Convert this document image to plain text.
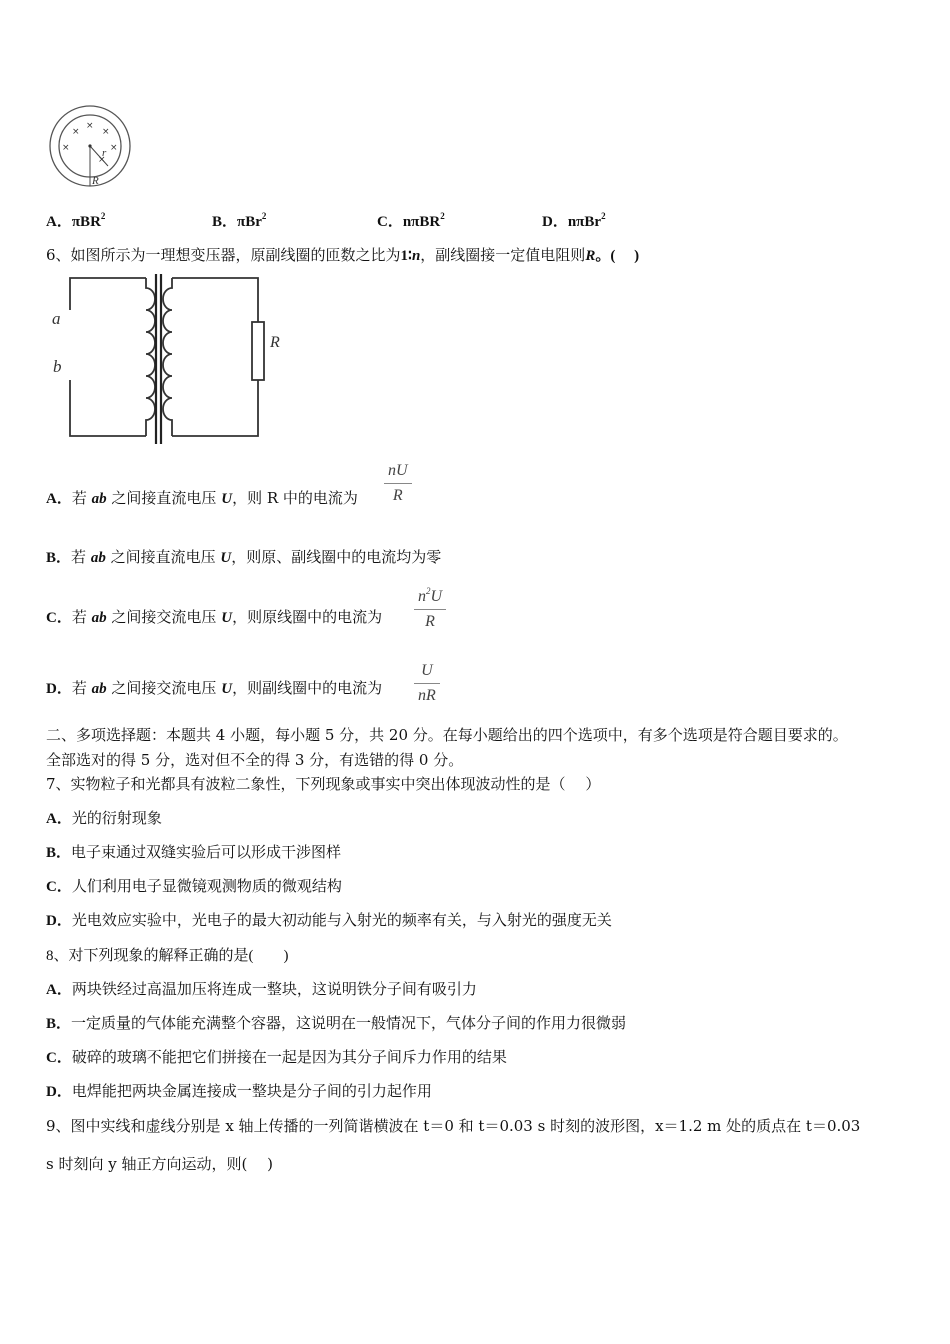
×
× ×
×	×
×
r
R
A．πBR$^2$	B．πBr$^2$	C．nπBR$^2$	D．nπBr$^2$
6、如图所示为一理想变压器，原副线圈的匝数之比为1∶n，副线圈接一定值电阻则R。(　 )
a
b
R
A．若 ab 之间接直流电压 U，则 R 中的电流为
nU
R
B．若 ab 之间接直流电压 U，则原、副线圈中的电流均为零
C．若 ab 之间接交流电压 U，则原线圈中的电流为
$n^2U$
R
D．若 ab 之间接交流电压 U，则副线圈中的电流为
U
nR
二、多项选择题：本题共 4 小题，每小题 5 分，共 20 分。在每小题给出的四个选项中，有多个选项是符合题目要求的。
全部选对的得 5 分，选对但不全的得 3 分，有选错的得 0 分。
7、实物粒子和光都具有波粒二象性，下列现象或事实中突出体现波动性的是（　 ）
A．光的衍射现象
B．电子束通过双缝实验后可以形成干涉图样
C．人们利用电子显微镜观测物质的微观结构
D．光电效应实验中，光电子的最大初动能与入射光的频率有关，与入射光的强度无关
8、对下列现象的解释正确的是(　　)
A．两块铁经过高温加压将连成一整块，这说明铁分子间有吸引力
B．一定质量的气体能充满整个容器，这说明在一般情况下，气体分子间的作用力很微弱
C．破碎的玻璃不能把它们拼接在一起是因为其分子间斥力作用的结果
D．电焊能把两块金属连接成一整块是分子间的引力起作用
9、图中实线和虚线分别是 x 轴上传播的一列简谐横波在 t＝0 和 t＝0.03 s 时刻的波形图，x＝1.2 m 处的质点在 t＝0.03
s 时刻向 y 轴正方向运动，则(　 )
